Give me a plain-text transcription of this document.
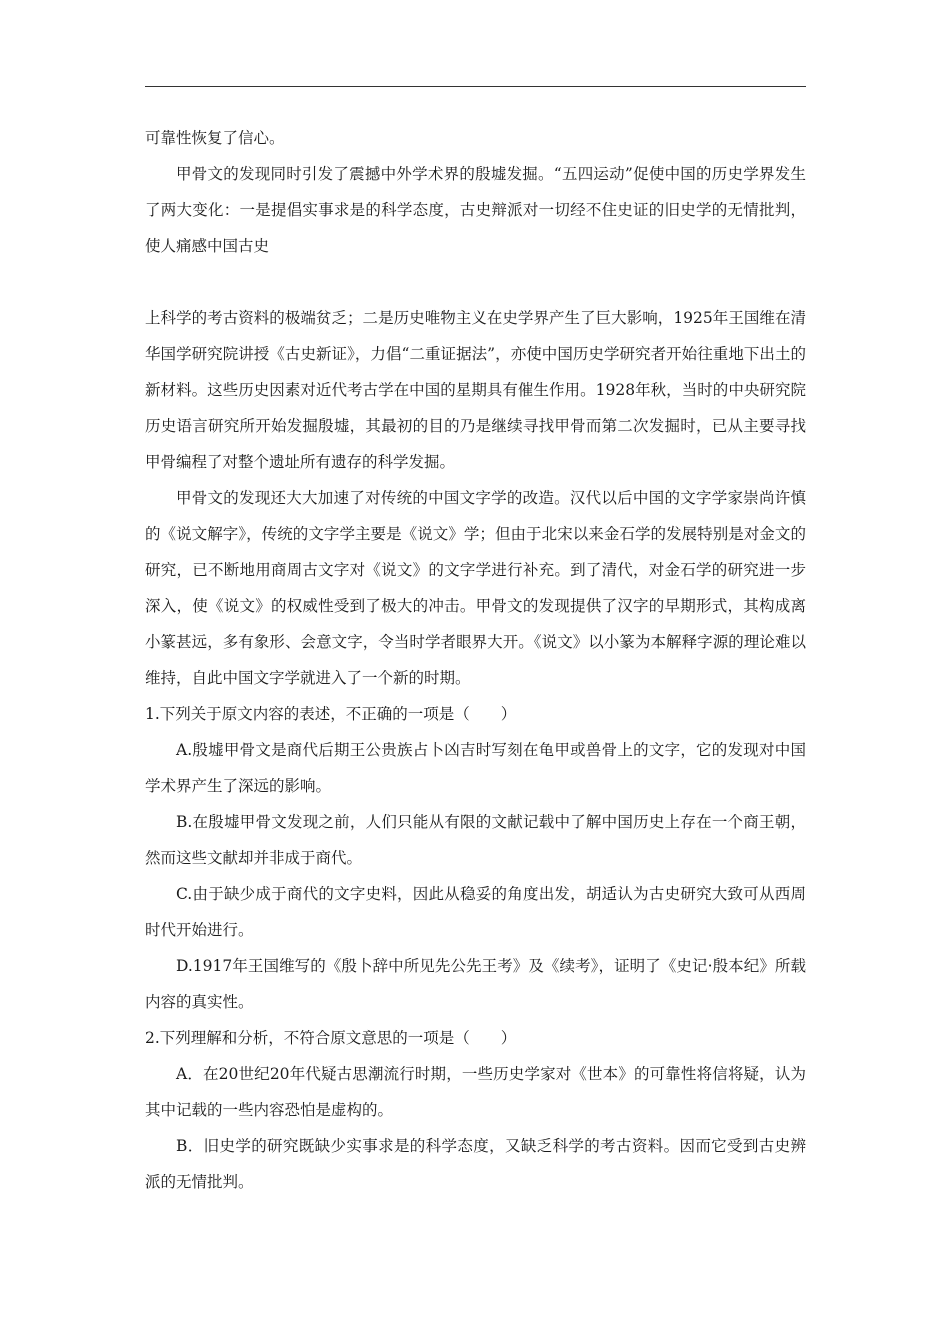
可靠性恢复了信心。

甲骨文的发现同时引发了震撼中外学术界的殷墟发掘。“五四运动”促使中国的历史学界发生了两大变化：一是提倡实事求是的科学态度，古史辩派对一切经不住史证的旧史学的无情批判，使人痛感中国古史

上科学的考古资料的极端贫乏；二是历史唯物主义在史学界产生了巨大影响，1925年王国维在清华国学研究院讲授《古史新证》，力倡“二重证据法”，亦使中国历史学研究者开始往重地下出土的新材料。这些历史因素对近代考古学在中国的星期具有催生作用。1928年秋，当时的中央研究院历史语言研究所开始发掘殷墟，其最初的目的乃是继续寻找甲骨而第二次发掘时，已从主要寻找甲骨编程了对整个遗址所有遗存的科学发掘。

甲骨文的发现还大大加速了对传统的中国文字学的改造。汉代以后中国的文字学家崇尚许慎的《说文解字》，传统的文字学主要是《说文》学；但由于北宋以来金石学的发展特别是对金文的研究，已不断地用商周古文字对《说文》的文字学进行补充。到了清代，对金石学的研究进一步深入，使《说文》的权威性受到了极大的冲击。甲骨文的发现提供了汉字的早期形式，其构成离小篆甚远，多有象形、会意文字，令当时学者眼界大开。《说文》以小篆为本解释字源的理论难以维持，自此中国文字学就进入了一个新的时期。

1.下列关于原文内容的表述，不正确的一项是（　　）

A.殷墟甲骨文是商代后期王公贵族占卜凶吉时写刻在龟甲或兽骨上的文字，它的发现对中国学术界产生了深远的影响。

B.在殷墟甲骨文发现之前，人们只能从有限的文献记载中了解中国历史上存在一个商王朝，然而这些文献却并非成于商代。

C.由于缺少成于商代的文字史料，因此从稳妥的角度出发，胡适认为古史研究大致可从西周时代开始进行。

D.1917年王国维写的《殷卜辞中所见先公先王考》及《续考》，证明了《史记·殷本纪》所载内容的真实性。

2.下列理解和分析，不符合原文意思的一项是（　　）

A．在20世纪20年代疑古思潮流行时期，一些历史学家对《世本》的可靠性将信将疑，认为其中记载的一些内容恐怕是虚构的。

B．旧史学的研究既缺少实事求是的科学态度，又缺乏科学的考古资料。因而它受到古史辨派的无情批判。
